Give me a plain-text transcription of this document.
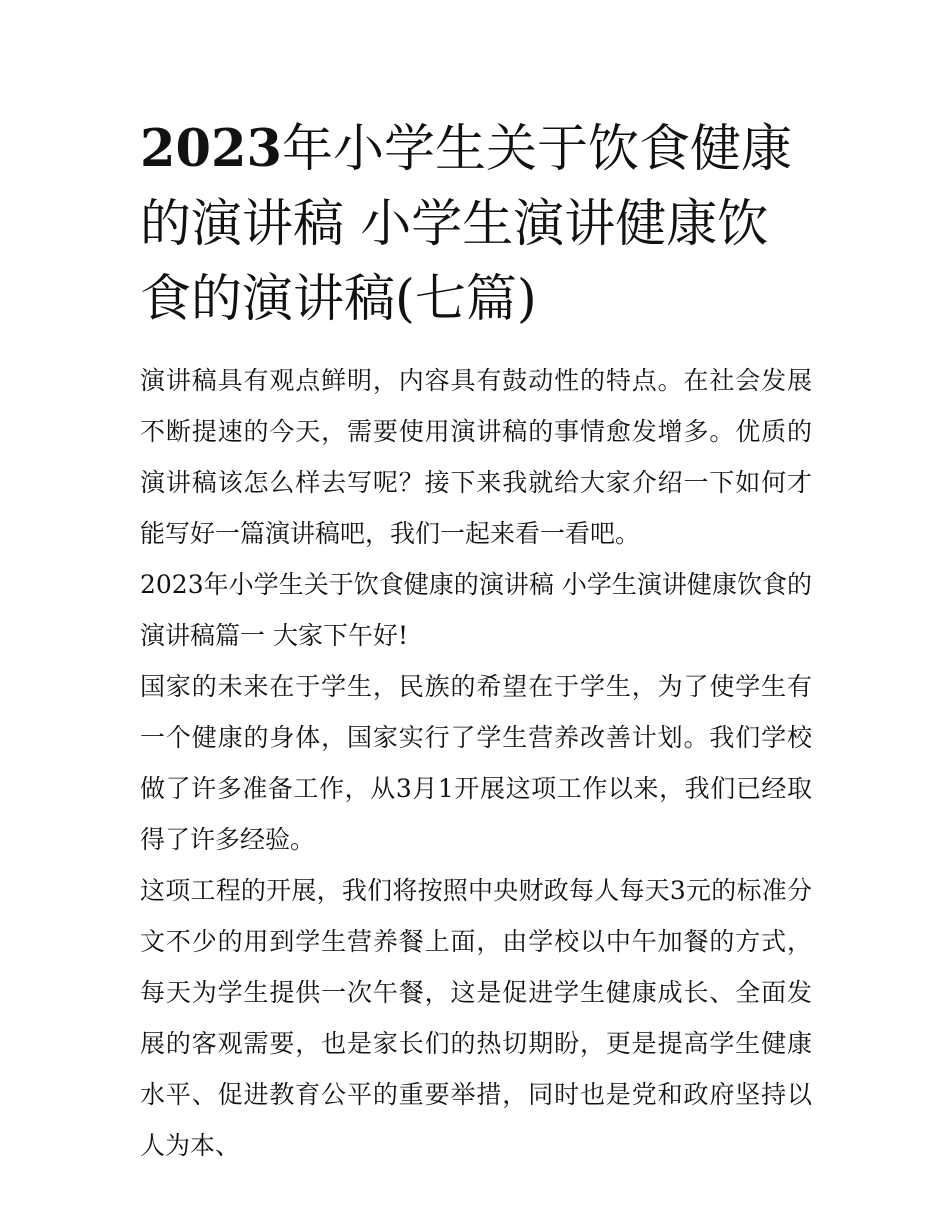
2023年小学生关于饮食健康的演讲稿 小学生演讲健康饮食的演讲稿(七篇)

演讲稿具有观点鲜明，内容具有鼓动性的特点。在社会发展不断提速的今天，需要使用演讲稿的事情愈发增多。优质的演讲稿该怎么样去写呢？接下来我就给大家介绍一下如何才能写好一篇演讲稿吧，我们一起来看一看吧。

2023年小学生关于饮食健康的演讲稿 小学生演讲健康饮食的演讲稿篇一 大家下午好!

国家的未来在于学生，民族的希望在于学生，为了使学生有一个健康的身体，国家实行了学生营养改善计划。我们学校做了许多准备工作，从3月1开展这项工作以来，我们已经取得了许多经验。

这项工程的开展，我们将按照中央财政每人每天3元的标准分文不少的用到学生营养餐上面，由学校以中午加餐的方式，每天为学生提供一次午餐，这是促进学生健康成长、全面发展的客观需要，也是家长们的热切期盼，更是提高学生健康水平、促进教育公平的重要举措，同时也是党和政府坚持以人为本、
